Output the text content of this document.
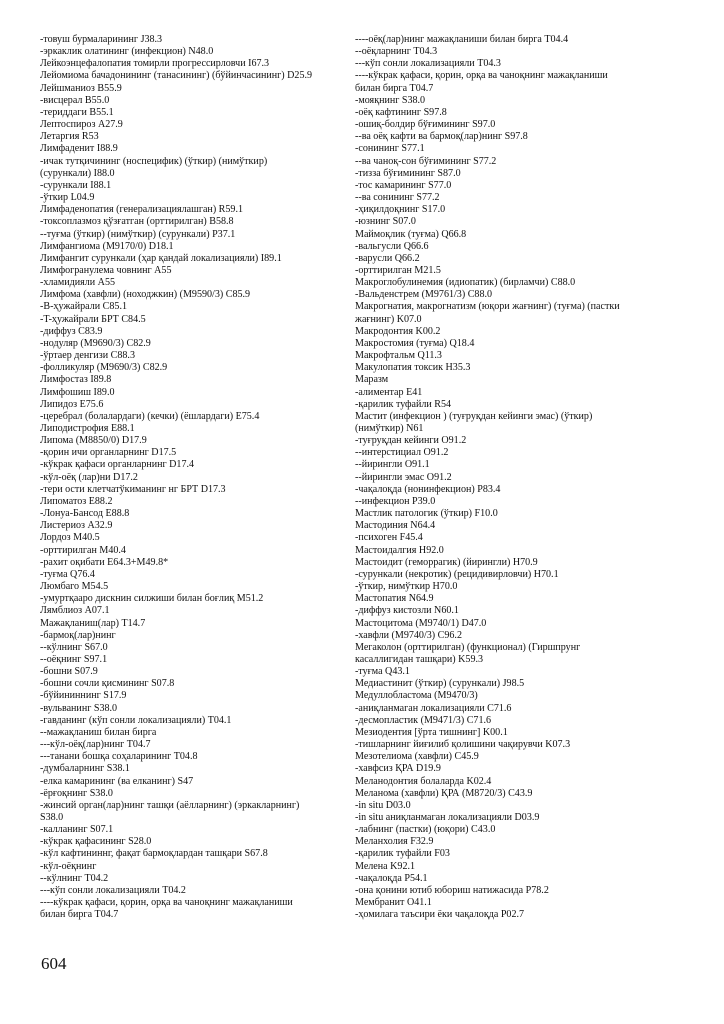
-товуш бурмаларининг J38.3
-эркаклик олатининг (инфекцион) N48.0
Лейкоэнцефалопатия томирли прогрессирловчи I67.3
Лейомиома бачадонининг (танасининг) (бўйинчасининг) D25.9
Лейшманиоз B55.9
-висцерал B55.0
-териддаги B55.1
Лептоспироз A27.9
Летаргия R53
Лимфаденит I88.9
-ичак тутқичининг (носпецифик) (ўткир) (нимўткир)
(сурункали) I88.0
-сурункали I88.1
-ўткир L04.9
Лимфаденопатия (генерализациялашган) R59.1
-токсоплазмоз қўзғатган (орттирилган) B58.8
--туғма (ўткир) (нимўткир) (сурункали) P37.1
Лимфангиома (M9170/0) D18.1
Лимфангит сурункали (ҳар қандай локализацияли) I89.1
Лимфогранулема човнинг A55
-хламидияли A55
Лимфома (хавфли) (ноходжкин) (M9590/3) C85.9
-B-ҳужайрали C85.1
-T-ҳужайрали БРТ C84.5
-диффуз C83.9
-нодуляр (M9690/3) C82.9
-ўртаер денгизи C88.3
-фолликуляр (M9690/3) C82.9
Лимфостаз I89.8
Лимфошиш I89.0
Липидоз E75.6
-церебрал (болалардаги) (кечки) (ёшлардаги) E75.4
Липодистрофия E88.1
Липома (M8850/0) D17.9
-қорин ичи органларнинг D17.5
-кўкрак қафаси органларнинг D17.4
-кўл-оёқ (лар)ни D17.2
-тери ости клетчатўкиманинг нг БРТ D17.3
Липоматоз E88.2
-Лонуа-Бансод E88.8
Листериоз A32.9
Лордоз M40.5
-орттирилган M40.4
-рахит оқибати E64.3+M49.8*
-туғма Q76.4
Люмбаго M54.5
-умуртқааро дискнин силжиши билан боғлиқ M51.2
Лямблиоз A07.1
Мажақланиш(лар) T14.7
-бармоқ(лар)нинг
--кўлнинг S67.0
--оёқнинг S97.1
-бошни S07.9
-бошни сочли қисмининг S07.8
-бўйининнинг S17.9
-вульванинг S38.0
-гавданинг (кўп сонли локализацияли) T04.1
--мажақланиш билан бирга
---кўл-оёқ(лар)нинг T04.7
---танани бошқа соҳаларининг T04.8
-думбаларнинг S38.1
-елка камарининг (ва елканинг) S47
-ёрғоқнинг S38.0
-жинсий орган(лар)нинг ташқи (аёлларнинг) (эркакларнинг)
S38.0
-калланинг S07.1
-кўкрак қафасининг S28.0
-кўл кафтининнг, фақат бармоқлардан ташқари S67.8
-кўл-оёқнинг
--кўлнинг T04.2
---кўп сонли локализацияли T04.2
----кўкрак қафаси, қорин, орқа ва чаноқнинг мажақланиши
билан бирга T04.7
----оёқ(лар)нинг мажақланиши билан бирга T04.4
--оёқларнинг T04.3
---кўп сонли локализацияли T04.3
----кўкрак қафаси, қорин, орқа ва чаноқнинг мажақланиши
билан бирга T04.7
-мояқнинг S38.0
-оёқ кафтининг S97.8
-ошиқ-болдир бўғимининг S97.0
--ва оёқ кафти ва бармоқ(лар)нинг S97.8
-сонининг S77.1
--ва чаноқ-сон бўғимининг S77.2
-тизза бўғимининг S87.0
-тос камарининг S77.0
--ва сонининг S77.2
-ҳиқилдоқнинг S17.0
-юзнинг S07.0
Маймоқлик (туғма) Q66.8
-вальгусли Q66.6
-варусли Q66.2
-орттирилган M21.5
Макроглобулинемия (идиопатик) (бирламчи) C88.0
-Вальденстрем (M9761/3) C88.0
Макрогнатия, макрогнатизм (юқори жағнинг) (туғма) (пастки
жағнинг) K07.0
Макродонтия K00.2
Макростомия (туғма) Q18.4
Макрофтальм Q11.3
Макулопатия токсик H35.3
Маразм
-алиментар E41
-қарилик туфайли R54
Мастит (инфекцион ) (туғруқдан кейинги эмас) (ўткир)
(нимўткир) N61
-туғруқдан кейинги O91.2
--интерстициал O91.2
--йирингли O91.1
--йирингли эмас O91.2
-чақалоқда (нонинфекцион) P83.4
--инфекцион P39.0
Мастлик патологик (ўткир) F10.0
Мастодиния N64.4
-психоген F45.4
Мастоидалгия H92.0
Мастоидит (геморрагик) (йирингли) H70.9
-сурункали (некротик) (рецидивирловчи) H70.1
-ўткир, нимўткир H70.0
Мастопатия N64.9
-диффуз кистозли N60.1
Мастоцитома (M9740/1) D47.0
-хавфли (M9740/3) C96.2
Мегаколон (орттирилган) (функционал) (Гиршпрунг
касаллигидан ташқари) K59.3
-туғма Q43.1
Медиастинит (ўткир) (сурункали) J98.5
Медуллобластома (M9470/3)
-аниқланмаган локализацияли C71.6
-десмопластик (M9471/3) C71.6
Мезиодентия [ўрта тишнинг] K00.1
-тишларнинг йиғилиб қолишини чақирувчи K07.3
Мезотелиома (хавфли) C45.9
-хавфсиз ҚРА D19.9
Меланодонтия болаларда K02.4
Меланома (хавфли) ҚРА (M8720/3) C43.9
-in situ D03.0
-in situ аниқланмаган локализацияли D03.9
-лабнинг (пастки) (юқори) C43.0
Меланхолия F32.9
-қарилик туфайли F03
Мелена K92.1
-чақалоқда P54.1
-она қонини ютиб юбориш натижасида P78.2
Мембранит O41.1
-ҳомилага таъсири ёки чақалоқда P02.7
604
